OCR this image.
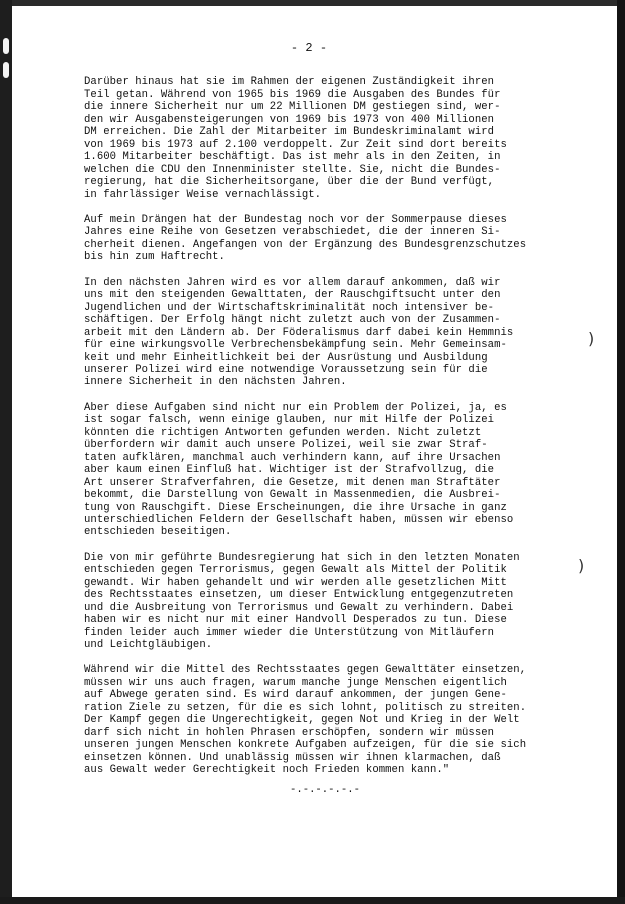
- 2 -
Darüber hinaus hat sie im Rahmen der eigenen Zuständigkeit ihren
Teil getan. Während von 1965 bis 1969 die Ausgaben des Bundes für
die innere Sicherheit nur um 22 Millionen DM gestiegen sind, wer-
den wir Ausgabensteigerungen von 1969 bis 1973 von 400 Millionen
DM erreichen. Die Zahl der Mitarbeiter im Bundeskriminalamt wird
von 1969 bis 1973 auf 2.100 verdoppelt. Zur Zeit sind dort bereits
1.600 Mitarbeiter beschäftigt. Das ist mehr als in den Zeiten, in
welchen die CDU den Innenminister stellte. Sie, nicht die Bundes-
regierung, hat die Sicherheitsorgane, über die der Bund verfügt,
in fahrlässiger Weise vernachlässigt.
Auf mein Drängen hat der Bundestag noch vor der Sommerpause dieses
Jahres eine Reihe von Gesetzen verabschiedet, die der inneren Si-
cherheit dienen. Angefangen von der Ergänzung des Bundesgrenzschutzes
bis hin zum Haftrecht.
In den nächsten Jahren wird es vor allem darauf ankommen, daß wir
uns mit den steigenden Gewalttaten, der Rauschgiftsucht unter den
Jugendlichen und der Wirtschaftskriminalität noch intensiver be-
schäftigen. Der Erfolg hängt nicht zuletzt auch von der Zusammen-
arbeit mit den Ländern ab. Der Föderalismus darf dabei kein Hemmnis
für eine wirkungsvolle Verbrechensbekämpfung sein. Mehr Gemeinsam-
keit und mehr Einheitlichkeit bei der Ausrüstung und Ausbildung
unserer Polizei wird eine notwendige Voraussetzung sein für die
innere Sicherheit in den nächsten Jahren.
Aber diese Aufgaben sind nicht nur ein Problem der Polizei, ja, es
ist sogar falsch, wenn einige glauben, nur mit Hilfe der Polizei
könnten die richtigen Antworten gefunden werden. Nicht zuletzt
überfordern wir damit auch unsere Polizei, weil sie zwar Straf-
taten aufklären, manchmal auch verhindern kann, auf ihre Ursachen
aber kaum einen Einfluß hat. Wichtiger ist der Strafvollzug, die
Art unserer Strafverfahren, die Gesetze, mit denen man Straftäter
bekommt, die Darstellung von Gewalt in Massenmedien, die Ausbrei-
tung von Rauschgift. Diese Erscheinungen, die ihre Ursache in ganz
unterschiedlichen Feldern der Gesellschaft haben, müssen wir ebenso
entschieden beseitigen.
Die von mir geführte Bundesregierung hat sich in den letzten Monaten
entschieden gegen Terrorismus, gegen Gewalt als Mittel der Politik
gewandt. Wir haben gehandelt und wir werden alle gesetzlichen Mitt
des Rechtsstaates einsetzen, um dieser Entwicklung entgegenzutreten
und die Ausbreitung von Terrorismus und Gewalt zu verhindern. Dabei
haben wir es nicht nur mit einer Handvoll Desperados zu tun. Diese
finden leider auch immer wieder die Unterstützung von Mitläufern
und Leichtgläubigen.
Während wir die Mittel des Rechtsstaates gegen Gewalttäter einsetzen,
müssen wir uns auch fragen, warum manche junge Menschen eigentlich
auf Abwege geraten sind. Es wird darauf ankommen, der jungen Gene-
ration Ziele zu setzen, für die es sich lohnt, politisch zu streiten.
Der Kampf gegen die Ungerechtigkeit, gegen Not und Krieg in der Welt
darf sich nicht in hohlen Phrasen erschöpfen, sondern wir müssen
unseren jungen Menschen konkrete Aufgaben aufzeigen, für die sie sich
einsetzen können. Und unablässig müssen wir ihnen klarmachen, daß
aus Gewalt weder Gerechtigkeit noch Frieden kommen kann."
-.-.-.-.-.-
)
)
